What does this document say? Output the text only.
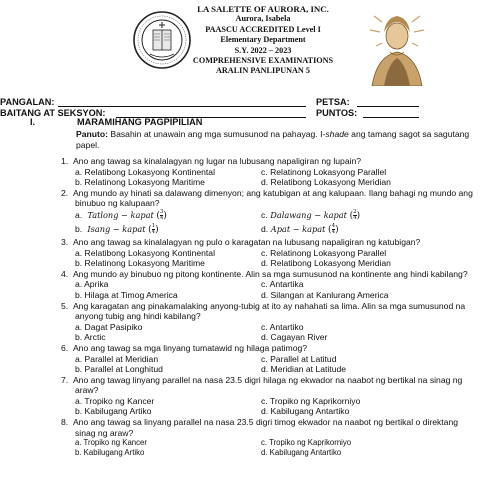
LA SALETTE OF AURORA, INC.
Aurora, Isabela
PAASCU ACCREDITED Level I
Elementary Department
S.Y. 2022 – 2023
COMPREHENSIVE EXAMINATIONS
ARALIN PANLIPUNAN 5
PANGALAN:	PETSA:
BAITANG AT SEKSYON:	PUNTOS:
I.	MARAMIHANG PAGPIPILIAN
Panuto: Basahin at unawain ang mga sumusunod na pahayag. I-shade ang tamang sagot sa sagutang papel.
1. Ano ang tawag sa kinalalagyan ng lugar na lubusang napaligiran ng lupain?
a. Relatibong Lokasyong Kontinental	c. Relatinong Lokasyong Parallel
b. Relatinong Lokasyong Maritime	d. Relatibong Lokasyong Meridian
2. Ang mundo ay hinati sa dalawang dimenyon; ang katubigan at ang kalupaan. Ilang bahagi ng mundo ang binubuo ng kalupaan?
a. Tatlong − kapat ( $\frac{3}{4}$ )	c. Dalawang − kapat ( $\frac{2}{4}$ )
b. Isang − kapat ( $\frac{1}{4}$ )	d. Apat − kapat ( $\frac{4}{4}$ )
3. Ano ang tawag sa kinalalagyan ng pulo o karagatan na lubusang napaligiran ng katubigan?
a. Relatibong Lokasyong Kontinental	c. Relatinong Lokasyong Parallel
b. Relatinong Lokasyong Maritime	d. Relatibong Lokasyong Meridian
4. Ang mundo ay binubuo ng pitong kontinente. Alin sa mga sumusunod na kontinente ang hindi kabilang?
a. Aprika	c. Antartika
b. Hilaga at Timog America	d. Silangan at Kanlurang America
5. Ang karagatan ang pinakamalaking anyong-tubig at ito ay nahahati sa lima. Alin sa mga sumusunod na anyong tubig ang hindi kabilang?
a. Dagat Pasipiko	c. Antartiko
b. Arctic	d. Cagayan River
6. Ano ang tawag sa mga linyang tumatawid ng hilaga patimog?
a. Parallel at Meridian	c. Parallel at Latitud
b. Parallel at Longhitud	d. Meridian at Latitude
7. Ano ang tawag linyang parallel na nasa 23.5 digri hilaga ng ekwador na naabot ng bertikal na sinag ng araw?
a. Tropiko ng Kancer	c. Tropiko ng Kaprikorniyo
b. Kabilugang Artiko	d. Kabilugang Antartiko
8. Ano ang tawag sa linyang parallel na nasa 23.5 digri timog ekwador na naabot ng bertikal o direktang sinag ng araw?
a. Tropiko ng Kancer	c. Tropiko ng Kaprikorniyo
b. Kabilugang Artiko	d. Kabilugang Antartiko
